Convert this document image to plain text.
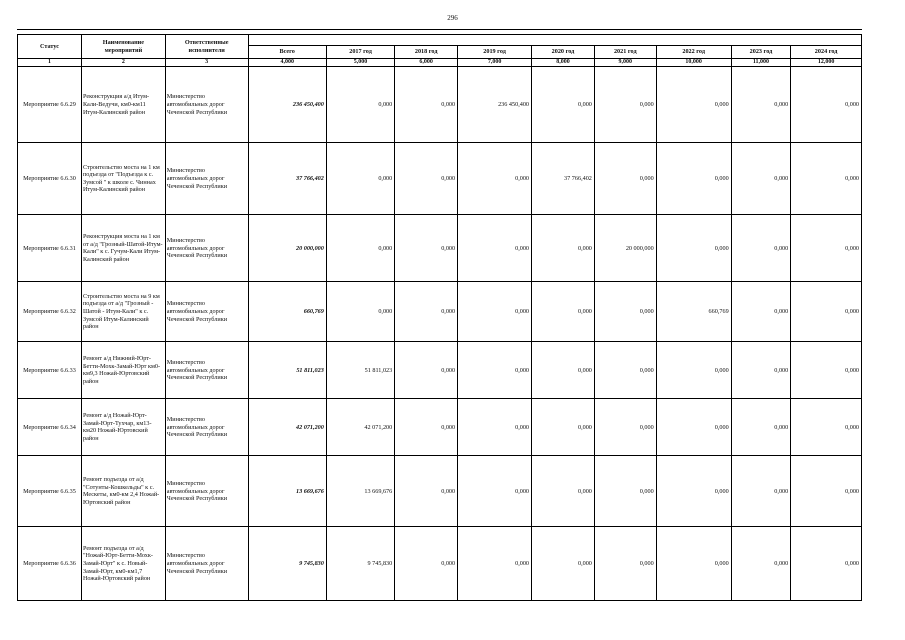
296
Статус	Наименование мероприятий	Ответственные исполнители									
			Всего	2017 год	2018 год	2019 год	2020 год	2021 год	2022 год	2023 год	2024 год
1	2	3	4,000	5,000	6,000	7,000	8,000	9,000	10,000	11,000	12,000
Мероприятие 6.6.29	Реконструкция а/д Итум-Кали-Ведучи, км0-км11 Итум-Калинский район	Министерство автомобильных дорог Чеченской Республики	236 450,400	0,000	0,000	236 450,400	0,000	0,000	0,000	0,000	0,000
Мероприятие 6.6.30	Строительство моста на 1 км подъезда от "Подъезда к с. Зумсой " к школе с. Чиннах Итум-Калинский район	Министерство автомобильных дорог Чеченской Республики	37 766,402	0,000	0,000	0,000	37 766,402	0,000	0,000	0,000	0,000
Мероприятие 6.6.31	Реконструкция моста на 1 км от а/д "Грозный-Шатой-Итум-Кали" к с. Гучум-Кали Итум-Калинский район	Министерство автомобильных дорог Чеченской Республики	20 000,000	0,000	0,000	0,000	0,000	20 000,000	0,000	0,000	0,000
Мероприятие 6.6.32	Строительство моста на 9 км подъезда от а/д "Грозный - Шатой - Итум-Кали" к с. Зумсой Итум-Калинский район	Министерство автомобильных дорог Чеченской Республики	660,769	0,000	0,000	0,000	0,000	0,000	660,769	0,000	0,000
Мероприятие 6.6.33	Ремонт а/д Нижний-Юрт-Бетти-Мохк-Замай-Юрт км0-км9,3 Ножай-Юртовский район	Министерство автомобильных дорог Чеченской Республики	51 811,023	51 811,023	0,000	0,000	0,000	0,000	0,000	0,000	0,000
Мероприятие 6.6.34	Ремонт а/д Ножай-Юрт-Замай-Юрт-Тухчар, км13-км20 Ножай-Юртовский район	Министерство автомобильных дорог Чеченской Республики	42 071,200	42 071,200	0,000	0,000	0,000	0,000	0,000	0,000	0,000
Мероприятие 6.6.35	Ремонт подъезда от а/д "Сотунты-Кошкельды" к с. Мескеты, км0-км 2,4 Ножай-Юртовский район	Министерство автомобильных дорог Чеченской Республики	13 669,676	13 669,676	0,000	0,000	0,000	0,000	0,000	0,000	0,000
Мероприятие 6.6.36	Ремонт подъезда от а/д "Ножай-Юрт-Бетти-Мохк-Замай-Юрт" к с. Новый-Замай-Юрт, км0-км1,7 Ножай-Юртовский район	Министерство автомобильных дорог Чеченской Республики	9 745,830	9 745,830	0,000	0,000	0,000	0,000	0,000	0,000	0,000
